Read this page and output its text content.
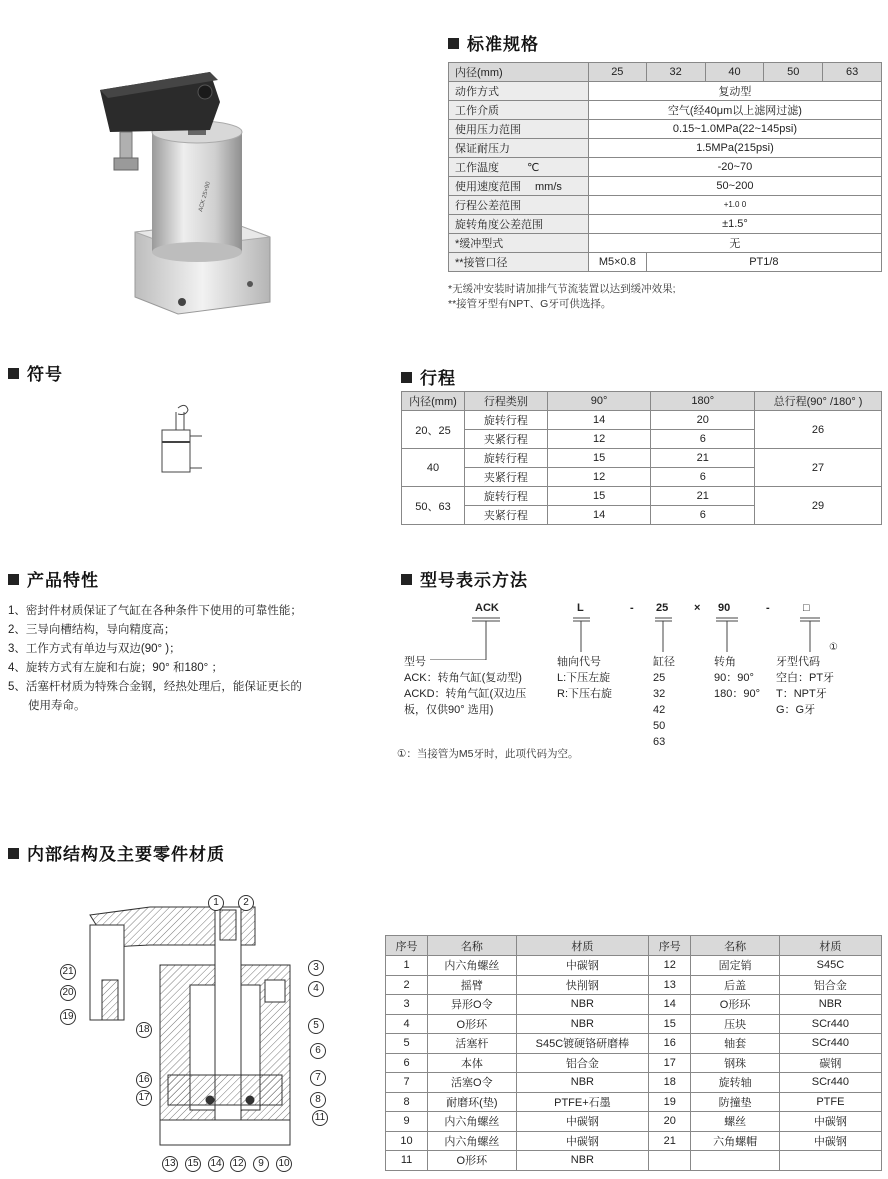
ACK 25×90
标准规格
内径(mm)	25	32	40	50	63
动作方式	复动型				
工作介质	空气(经40μm以上滤网过滤)				
使用压力范围	0.15~1.0MPa(22~145psi)				
保证耐压力	1.5MPa(215psi)				
工作温度 ℃	-20~70				
使用速度范围 mm/s	50~200				
行程公差范围	+1.0 0				
旋转角度公差范围	±1.5°				
*缓冲型式	无				
**接管口径	M5×0.8	PT1/8			
*无缓冲安装时请加排气节流装置以达到缓冲效果;
**接管牙型有NPT、G牙可供选择。
符号	行程
内径(mm)	行程类别	90°	180°	总行程(90° /180° )
20、25	旋转行程	14	20	26
	夹紧行程	12	6	
40	旋转行程	15	21	27
	夹紧行程	12	6	
50、63	旋转行程	15	21	29
	夹紧行程	14	6	
产品特性
1、密封件材质保证了气缸在各种条件下使用的可靠性能；
2、三导向槽结构，导向精度高；
3、工作方式有单边与双边(90° )；
4、旋转方式有左旋和右旋；90° 和180° ；
5、活塞杆材质为特殊合金钢，经热处理后，能保证更长的
使用寿命。
型号表示方法
ACK	L	- 25 × 90	-	□
①
型号
ACK：转角气缸(复动型)
ACKD：转角气缸(双边压
板，仅供90° 选用)
轴向代号
L:下压左旋
R:下压右旋
缸径
25
32
42
50
63
转角
90：90°
180：90°
牙型代码
空白：PT牙
T：NPT牙
G：G牙
①：当接管为M5牙时，此项代码为空。
内部结构及主要零件材质
1	2
3
4
5
6
7
8
9	10
11
12
13	14
15
16
17
18
19
20
21
序号	名称	材质	序号	名称	材质
1	内六角螺丝	中碳钢	12	固定销	S45C
2	摇臂	快削钢	13	后盖	铝合金
3	异形O令	NBR	14	O形环	NBR
4	O形环	NBR	15	压块	SCr440
5	活塞杆	S45C镀硬铬研磨棒	16	轴套	SCr440
6	本体	铝合金	17	钢珠	碳钢
7	活塞O令	NBR	18	旋转轴	SCr440
8	耐磨环(垫)	PTFE+石墨	19	防撞垫	PTFE
9	内六角螺丝	中碳钢	20	螺丝	中碳钢
10	内六角螺丝	中碳钢	21	六角螺帽	中碳钢
11	O形环	NBR			
